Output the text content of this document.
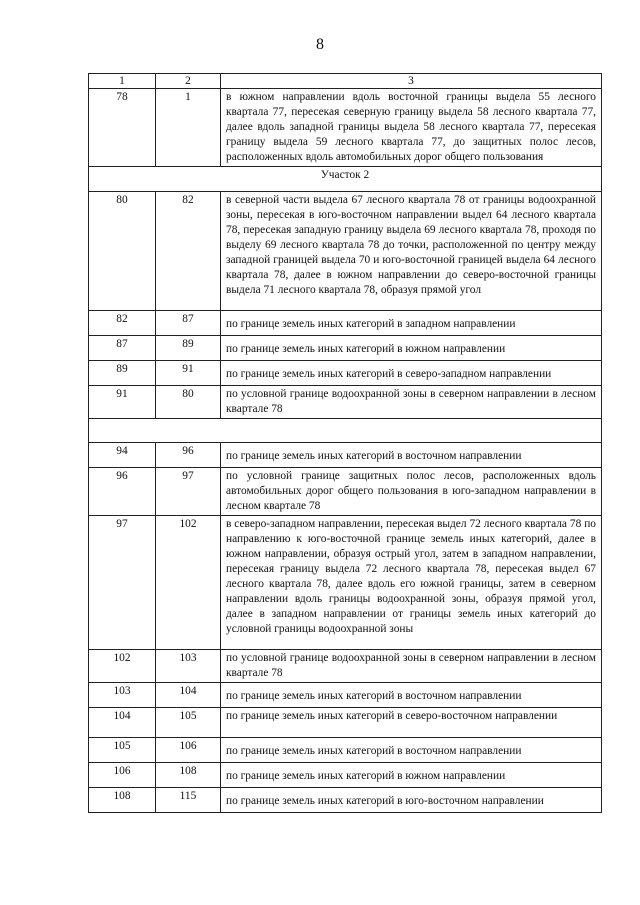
8
1	2	3
78	1	в южном направлении вдоль восточной границы выдела 55 лесного квартала 77, пересекая северную границу выдела 58 лесного квартала 77, далее вдоль западной границы выдела 58 лесного квартала 77, пересекая границу выдела 59 лесного квартала 77, до защитных полос лесов, расположенных вдоль автомобильных дорог общего пользования
Участок 2		
80	82	в северной части выдела 67 лесного квартала 78 от границы водоохранной зоны, пересекая в юго-восточном направлении выдел 64 лесного квартала 78, пересекая западную границу выдела 69 лесного квартала 78, проходя по выделу 69 лесного квартала 78 до точки, расположенной по центру между западной границей выдела 70 и юго-восточной границей выдела 64 лесного квартала 78, далее в южном направлении до северо-восточной границы выдела 71 лесного квартала 78, образуя прямой угол
82	87	по границе земель иных категорий в западном направлении
87	89	по границе земель иных категорий в южном направлении
89	91	по границе земель иных категорий в северо-западном направлении
91	80	по условной границе водоохранной зоны в северном направлении в лесном квартале 78

94	96	по границе земель иных категорий в восточном направлении
96	97	по условной границе защитных полос лесов, расположенных вдоль автомобильных дорог общего пользования в юго-западном направлении в лесном квартале 78
97	102	в северо-западном направлении, пересекая выдел 72 лесного квартала 78 по направлению к юго-восточной границе земель иных категорий, далее в южном направлении, образуя острый угол, затем в западном направлении, пересекая границу выдела 72 лесного квартала 78, пересекая выдел 67 лесного квартала 78, далее вдоль его южной границы, затем в северном направлении вдоль границы водоохранной зоны, образуя прямой угол, далее в западном направлении от границы земель иных категорий до условной границы водоохранной зоны
102	103	по условной границе водоохранной зоны в северном направлении в лесном квартале 78
103	104	по границе земель иных категорий в восточном направлении
104	105	по границе земель иных категорий в северо-восточном направлении
105	106	по границе земель иных категорий в восточном направлении
106	108	по границе земель иных категорий в южном направлении
108	115	по границе земель иных категорий в юго-восточном направлении
